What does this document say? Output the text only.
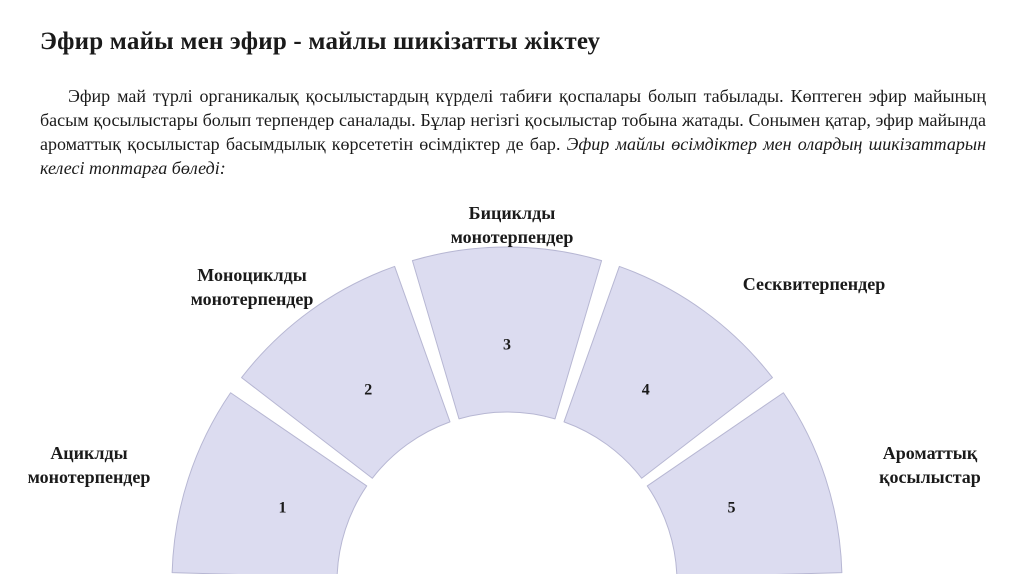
Эфир майы мен эфир - майлы шикізатты жіктеу

Эфир май түрлі органикалық қосылыстардың күрделі табиғи қоспалары болып табылады. Көптеген эфир майының басым қосылыстары болып терпендер саналады. Бұлар негізгі қосылыстар тобына жатады. Сонымен қатар, эфир майында ароматтық қосылыстар басымдылық көрсететін өсімдіктер де бар. Эфир майлы өсімдіктер мен олардың шикізаттарын келесі топтарға бөледі:

1
2
3
4
5
Ациклды
монотерпендер
Моноциклды
монотерпендер
Бициклды
монотерпендер
Сесквитерпендер
Ароматтық
қосылыстар
